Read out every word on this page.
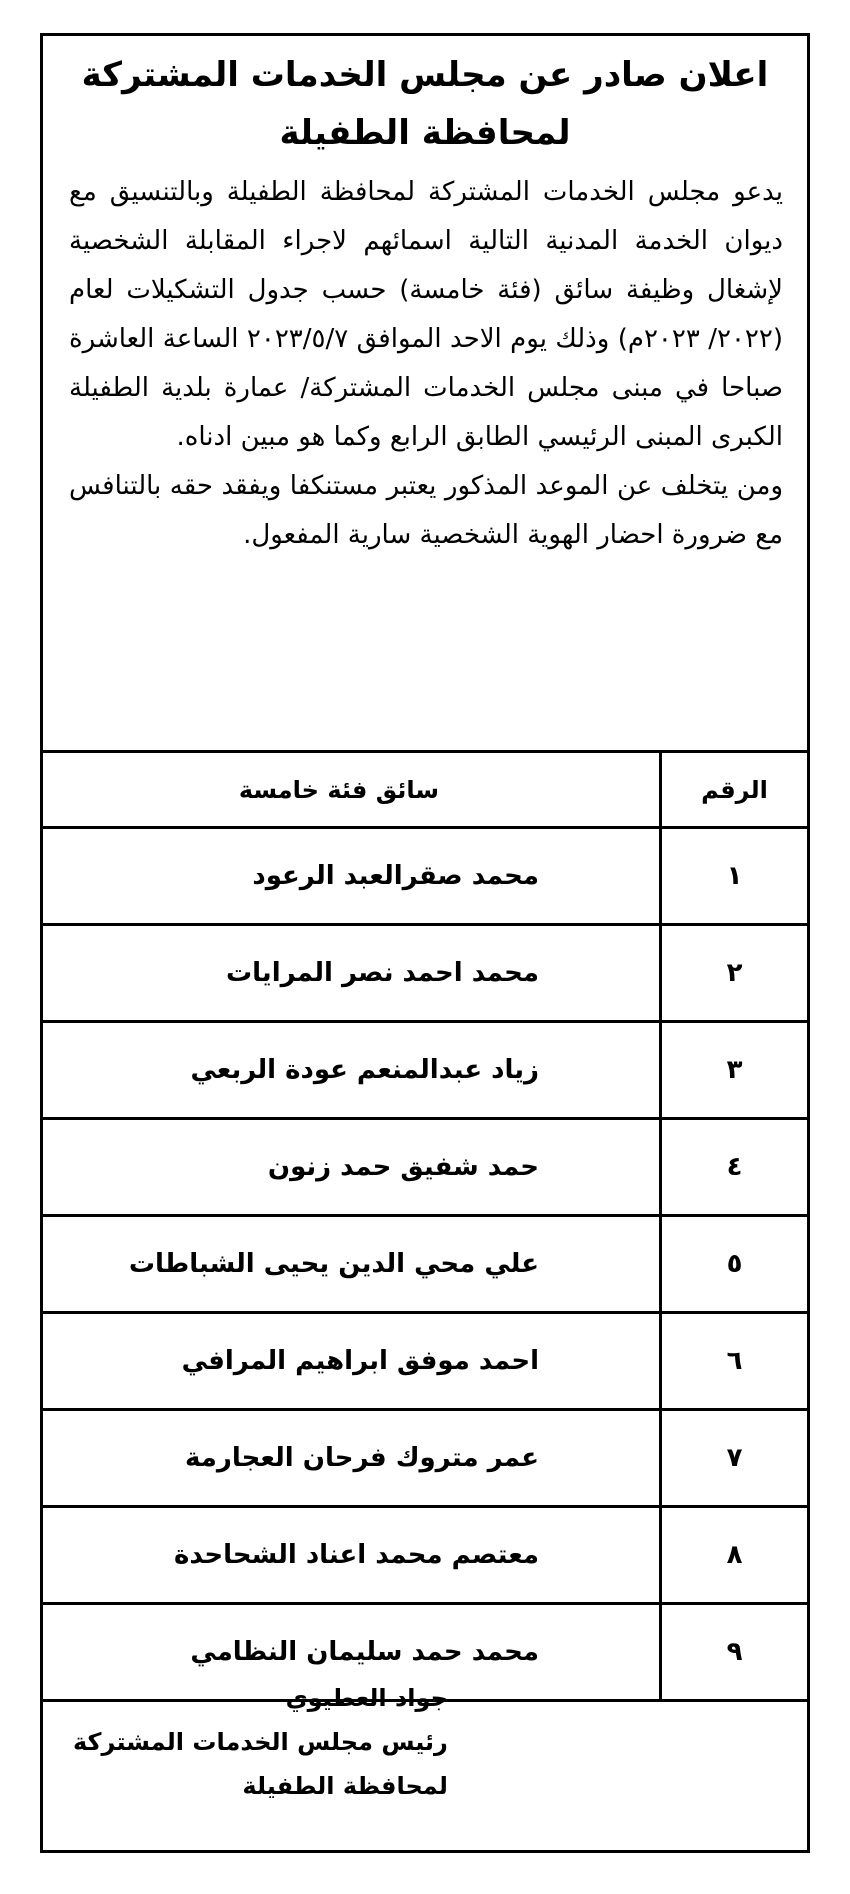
اعلان صادر عن مجلس الخدمات المشتركة
لمحافظة الطفيلة

يدعو مجلس الخدمات المشتركة لمحافظة الطفيلة وبالتنسيق مع ديوان الخدمة المدنية التالية اسمائهم لاجراء المقابلة الشخصية لإشغال وظيفة سائق (فئة خامسة) حسب جدول التشكيلات لعام (٢٠٢٢/ ٢٠٢٣م) وذلك يوم الاحد الموافق ٢٠٢٣/٥/٧ الساعة العاشرة صباحا في مبنى مجلس الخدمات المشتركة/ عمارة بلدية الطفيلة الكبرى المبنى الرئيسي الطابق الرابع وكما هو مبين ادناه.

ومن يتخلف عن الموعد المذكور يعتبر مستنكفا ويفقد حقه بالتنافس مع ضرورة احضار الهوية الشخصية سارية المفعول.

الرقم	سائق فئة خامسة
١	محمد صقرالعبد الرعود
٢	محمد احمد نصر المرايات
٣	زياد عبدالمنعم عودة الربعي
٤	حمد شفيق حمد زنون
٥	علي محي الدين يحيى الشباطات
٦	احمد موفق ابراهيم المرافي
٧	عمر متروك فرحان العجارمة
٨	معتصم محمد اعناد الشحاحدة
٩	محمد حمد سليمان النظامي
جواد العطيوي
رئيس مجلس الخدمات المشتركة
لمحافظة الطفيلة
